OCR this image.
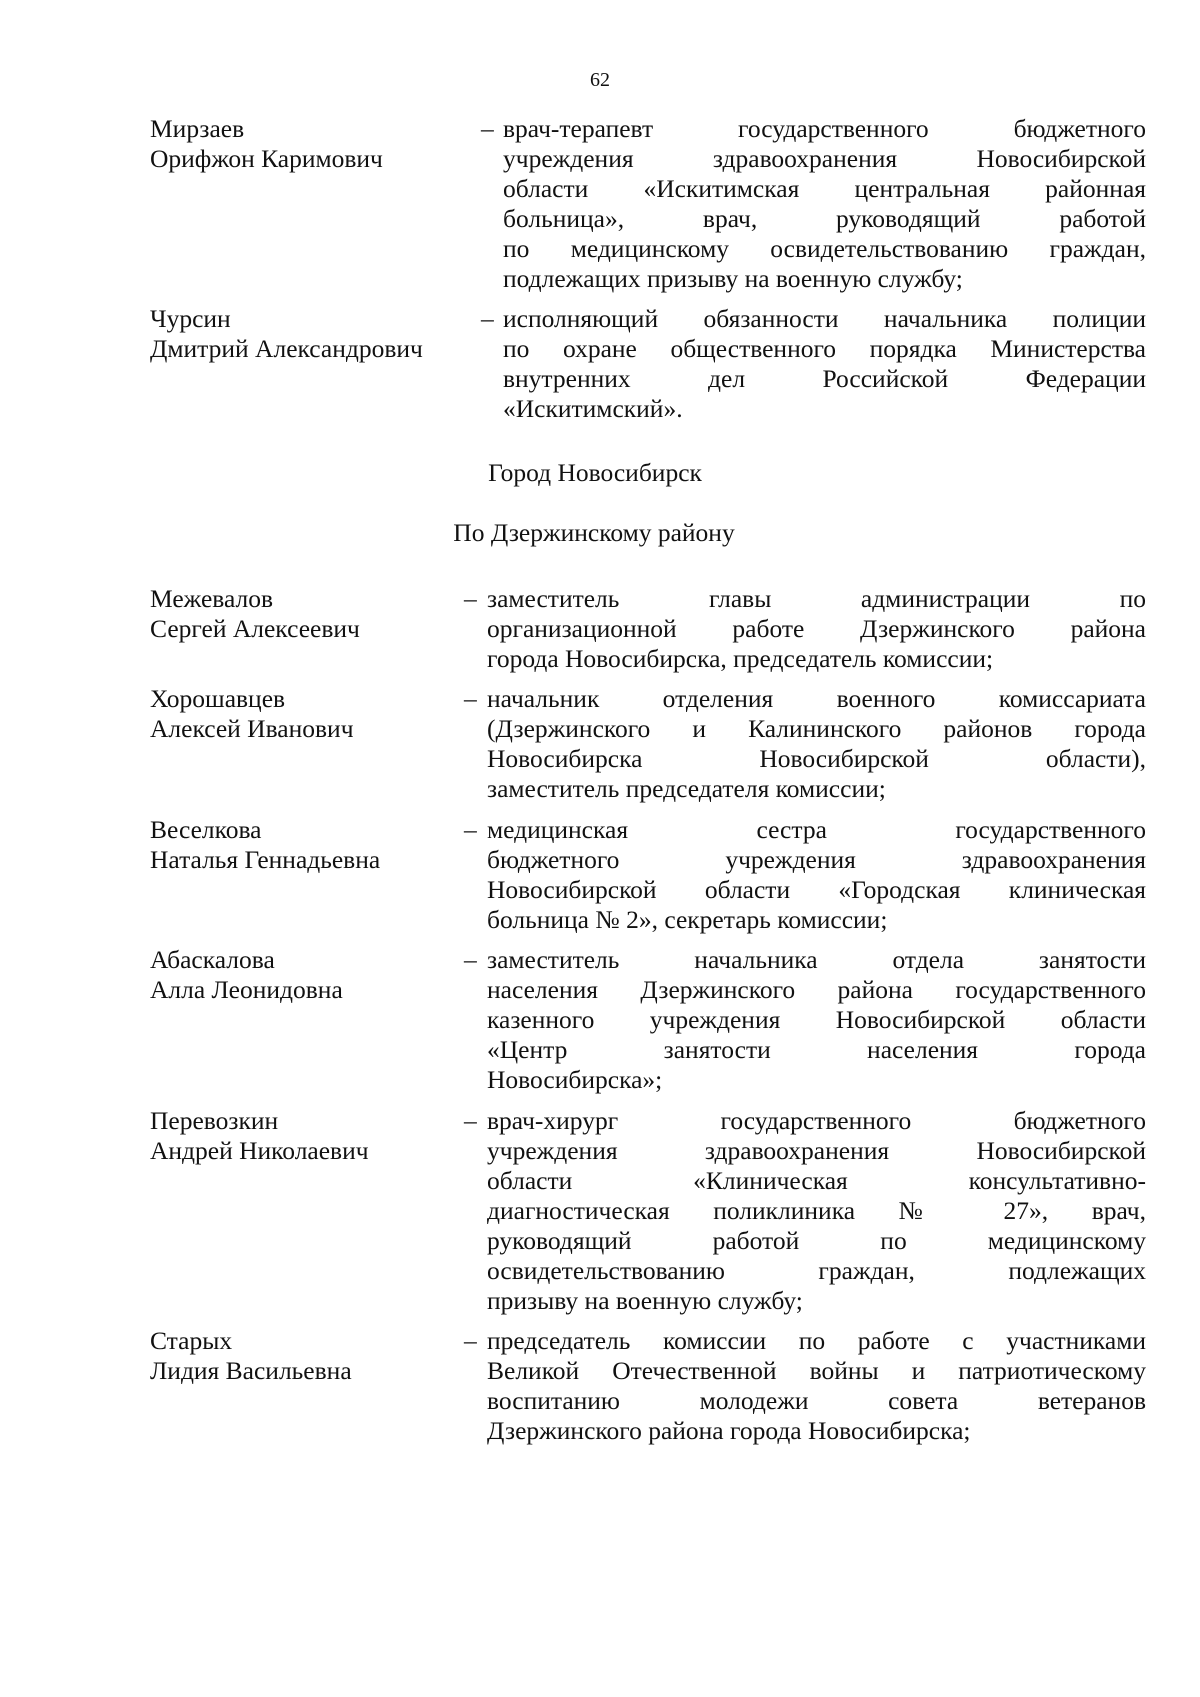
62
Мирзаев
Орифжон Каримович
– врач-терапевт государственного бюджетного
учреждения здравоохранения Новосибирской
области «Искитимская центральная районная
больница», врач, руководящий работой
по медицинскому освидетельствованию граждан,
подлежащих призыву на военную службу;
Чурсин
Дмитрий Александрович
– исполняющий обязанности начальника полиции
по охране общественного порядка Министерства
внутренних дел Российской Федерации
«Искитимский».
Город Новосибирск
По Дзержинскому району
Межевалов
Сергей Алексеевич
– заместитель главы администрации по
организационной работе Дзержинского района
города Новосибирска, председатель комиссии;
Хорошавцев
Алексей Иванович
– начальник отделения военного комиссариата
(Дзержинского и Калининского районов города
Новосибирска Новосибирской области),
заместитель председателя комиссии;
Веселкова
Наталья Геннадьевна
– медицинская сестра государственного
бюджетного учреждения здравоохранения
Новосибирской области «Городская клиническая
больница № 2», секретарь комиссии;
Абаскалова
Алла Леонидовна
– заместитель начальника отдела занятости
населения Дзержинского района государственного
казенного учреждения Новосибирской области
«Центр занятости населения города
Новосибирска»;
Перевозкин
Андрей Николаевич
– врач-хирург государственного бюджетного
учреждения здравоохранения Новосибирской
области «Клиническая консультативно-
диагностическая поликлиника № 27», врач,
руководящий работой по медицинскому
освидетельствованию граждан, подлежащих
призыву на военную службу;
Старых
Лидия Васильевна
– председатель комиссии по работе с участниками
Великой Отечественной войны и патриотическому
воспитанию молодежи совета ветеранов
Дзержинского района города Новосибирска;
